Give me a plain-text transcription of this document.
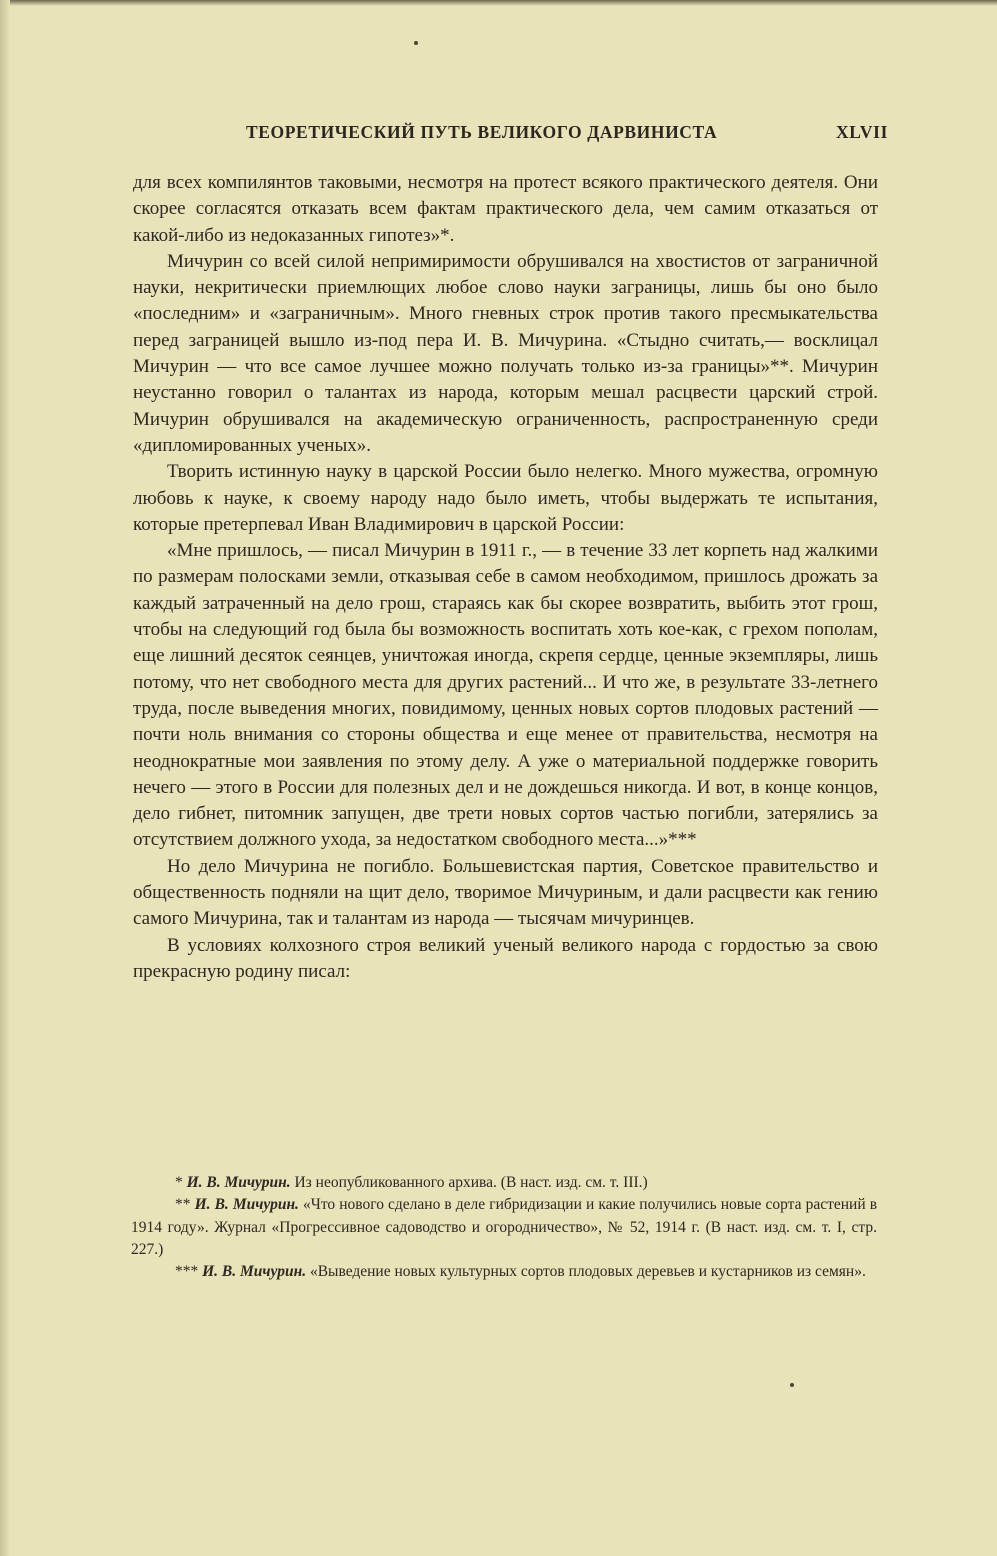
ТЕОРЕТИЧЕСКИЙ ПУТЬ ВЕЛИКОГО ДАРВИНИСТА	XLVII

для всех компилянтов таковыми, несмотря на протест всякого практического деятеля. Они скорее согласятся отказать всем фактам практического дела, чем самим отказаться от какой-либо из недоказанных гипотез»*.

Мичурин со всей силой непримиримости обрушивался на хвостистов от заграничной науки, некритически приемлющих любое слово науки заграницы, лишь бы оно было «последним» и «заграничным». Много гневных строк против такого пресмыкательства перед заграницей вышло из-под пера И. В. Мичурина. «Стыдно считать,— восклицал Мичурин — что все самое лучшее можно получать только из-за границы»**. Мичурин неустанно говорил о талантах из народа, которым мешал расцвести царский строй. Мичурин обрушивался на академическую ограниченность, распространенную среди «дипломированных ученых».

Творить истинную науку в царской России было нелегко. Много мужества, огромную любовь к науке, к своему народу надо было иметь, чтобы выдержать те испытания, которые претерпевал Иван Владимирович в царской России:

«Мне пришлось, — писал Мичурин в 1911 г., — в течение 33 лет корпеть над жалкими по размерам полосками земли, отказывая себе в самом необходимом, пришлось дрожать за каждый затраченный на дело грош, стараясь как бы скорее возвратить, выбить этот грош, чтобы на следующий год была бы возможность воспитать хоть кое-как, с грехом пополам, еще лишний десяток сеянцев, уничтожая иногда, скрепя сердце, ценные экземпляры, лишь потому, что нет свободного места для других растений... И что же, в результате 33-летнего труда, после выведения многих, повидимому, ценных новых сортов плодовых растений — почти ноль внимания со стороны общества и еще менее от правительства, несмотря на неоднократные мои заявления по этому делу. А уже о материальной поддержке говорить нечего — этого в России для полезных дел и не дождешься никогда. И вот, в конце концов, дело гибнет, питомник запущен, две трети новых сортов частью погибли, затерялись за отсутствием должного ухода, за недостатком свободного места...»***

Но дело Мичурина не погибло. Большевистская партия, Советское правительство и общественность подняли на щит дело, творимое Мичуриным, и дали расцвести как гению самого Мичурина, так и талантам из народа — тысячам мичуринцев.

В условиях колхозного строя великий ученый великого народа с гордостью за свою прекрасную родину писал:

* И. В. Мичурин. Из неопубликованного архива. (В наст. изд. см. т. III.)

** И. В. Мичурин. «Что нового сделано в деле гибридизации и какие получились новые сорта растений в 1914 году». Журнал «Прогрессивное садоводство и огородничество», № 52, 1914 г. (В наст. изд. см. т. I, стр. 227.)

*** И. В. Мичурин. «Выведение новых культурных сортов плодовых деревьев и кустарников из семян».
